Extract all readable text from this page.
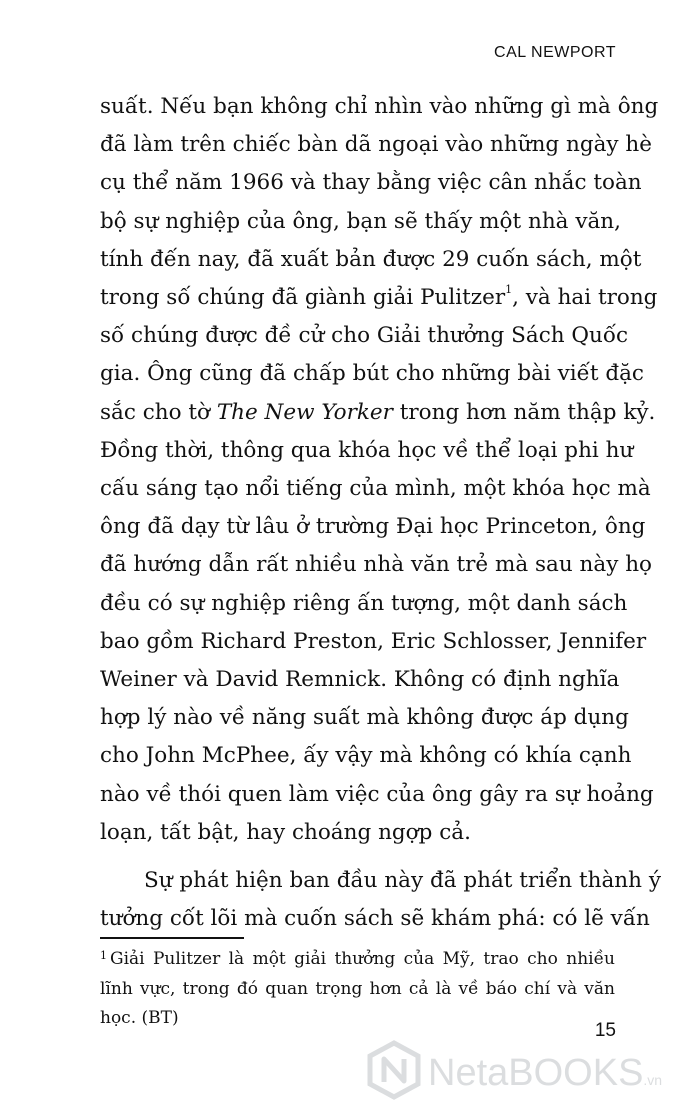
CAL NEWPORT
suất. Nếu bạn không chỉ nhìn vào những gì mà ông
đã làm trên chiếc bàn dã ngoại vào những ngày hè
cụ thể năm 1966 và thay bằng việc cân nhắc toàn
bộ sự nghiệp của ông, bạn sẽ thấy một nhà văn,
tính đến nay, đã xuất bản được 29 cuốn sách, một
trong số chúng đã giành giải Pulitzer$^1$, và hai trong
số chúng được đề cử cho Giải thưởng Sách Quốc
gia. Ông cũng đã chấp bút cho những bài viết đặc
sắc cho tờ The New Yorker trong hơn năm thập kỷ.
Đồng thời, thông qua khóa học về thể loại phi hư
cấu sáng tạo nổi tiếng của mình, một khóa học mà
ông đã dạy từ lâu ở trường Đại học Princeton, ông
đã hướng dẫn rất nhiều nhà văn trẻ mà sau này họ
đều có sự nghiệp riêng ấn tượng, một danh sách
bao gồm Richard Preston, Eric Schlosser, Jennifer
Weiner và David Remnick. Không có định nghĩa
hợp lý nào về năng suất mà không được áp dụng
cho John McPhee, ấy vậy mà không có khía cạnh
nào về thói quen làm việc của ông gây ra sự hoảng
loạn, tất bật, hay choáng ngợp cả.
Sự phát hiện ban đầu này đã phát triển thành ý
tưởng cốt lõi mà cuốn sách sẽ khám phá: có lẽ vấn
$^1$ Giải Pulitzer là một giải thưởng của Mỹ, trao cho nhiều
lĩnh vực, trong đó quan trọng hơn cả là về báo chí và văn
học. (BT)
15
NetaBOOKS.vn
